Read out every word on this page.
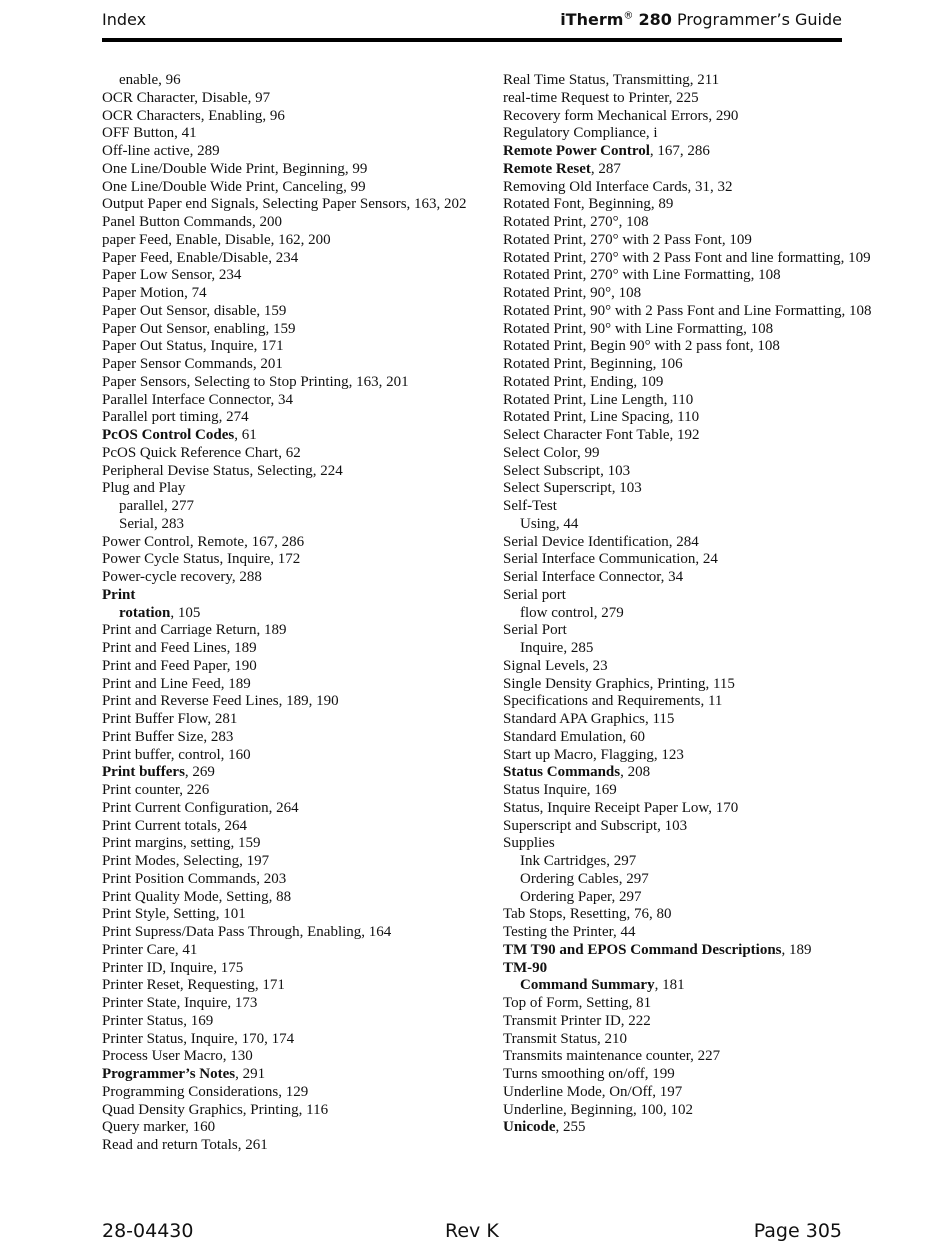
Index	iTherm® 280 Programmer’s Guide
enable, 96
OCR Character, Disable, 97
OCR Characters, Enabling, 96
OFF Button, 41
Off-line active, 289
One Line/Double Wide Print, Beginning, 99
One Line/Double Wide Print, Canceling, 99
Output Paper end Signals, Selecting Paper Sensors, 163, 202
Panel Button Commands, 200
paper Feed, Enable, Disable, 162, 200
Paper Feed, Enable/Disable, 234
Paper Low Sensor, 234
Paper Motion, 74
Paper Out Sensor, disable, 159
Paper Out Sensor, enabling, 159
Paper Out Status, Inquire, 171
Paper Sensor Commands, 201
Paper Sensors, Selecting to Stop Printing, 163, 201
Parallel Interface Connector, 34
Parallel port timing, 274
PcOS Control Codes, 61
PcOS Quick Reference Chart, 62
Peripheral Devise Status, Selecting, 224
Plug and Play
parallel, 277
Serial, 283
Power Control, Remote, 167, 286
Power Cycle Status, Inquire, 172
Power-cycle recovery, 288
Print
rotation, 105
Print and Carriage Return, 189
Print and Feed Lines, 189
Print and Feed Paper, 190
Print and Line Feed, 189
Print and Reverse Feed Lines, 189, 190
Print Buffer Flow, 281
Print Buffer Size, 283
Print buffer, control, 160
Print buffers, 269
Print counter, 226
Print Current Configuration, 264
Print Current totals, 264
Print margins, setting, 159
Print Modes, Selecting, 197
Print Position Commands, 203
Print Quality Mode, Setting, 88
Print Style, Setting, 101
Print Supress/Data Pass Through, Enabling, 164
Printer Care, 41
Printer ID, Inquire, 175
Printer Reset, Requesting, 171
Printer State, Inquire, 173
Printer Status, 169
Printer Status, Inquire, 170, 174
Process User Macro, 130
Programmer’s Notes, 291
Programming Considerations, 129
Quad Density Graphics, Printing, 116
Query marker, 160
Read and return Totals, 261
Real Time Status, Transmitting, 211
real-time Request to Printer, 225
Recovery form Mechanical Errors, 290
Regulatory Compliance, i
Remote Power Control, 167, 286
Remote Reset, 287
Removing Old Interface Cards, 31, 32
Rotated Font, Beginning, 89
Rotated Print, 270°, 108
Rotated Print, 270° with 2 Pass Font, 109
Rotated Print, 270° with 2 Pass Font and line formatting, 109
Rotated Print, 270° with Line Formatting, 108
Rotated Print, 90°, 108
Rotated Print, 90° with 2 Pass Font and Line Formatting, 108
Rotated Print, 90° with Line Formatting, 108
Rotated Print, Begin 90° with 2 pass font, 108
Rotated Print, Beginning, 106
Rotated Print, Ending, 109
Rotated Print, Line Length, 110
Rotated Print, Line Spacing, 110
Select Character Font Table, 192
Select Color, 99
Select Subscript, 103
Select Superscript, 103
Self-Test
Using, 44
Serial Device Identification, 284
Serial Interface Communication, 24
Serial Interface Connector, 34
Serial port
flow control, 279
Serial Port
Inquire, 285
Signal Levels, 23
Single Density Graphics, Printing, 115
Specifications and Requirements, 11
Standard APA Graphics, 115
Standard Emulation, 60
Start up Macro, Flagging, 123
Status Commands, 208
Status Inquire, 169
Status, Inquire Receipt Paper Low, 170
Superscript and Subscript, 103
Supplies
Ink Cartridges, 297
Ordering Cables, 297
Ordering Paper, 297
Tab Stops, Resetting, 76, 80
Testing the Printer, 44
TM T90 and EPOS Command Descriptions, 189
TM-90
Command Summary, 181
Top of Form, Setting, 81
Transmit Printer ID, 222
Transmit Status, 210
Transmits maintenance counter, 227
Turns smoothing on/off, 199
Underline Mode, On/Off, 197
Underline, Beginning, 100, 102
Unicode, 255
28-04430	Rev K	Page 305
